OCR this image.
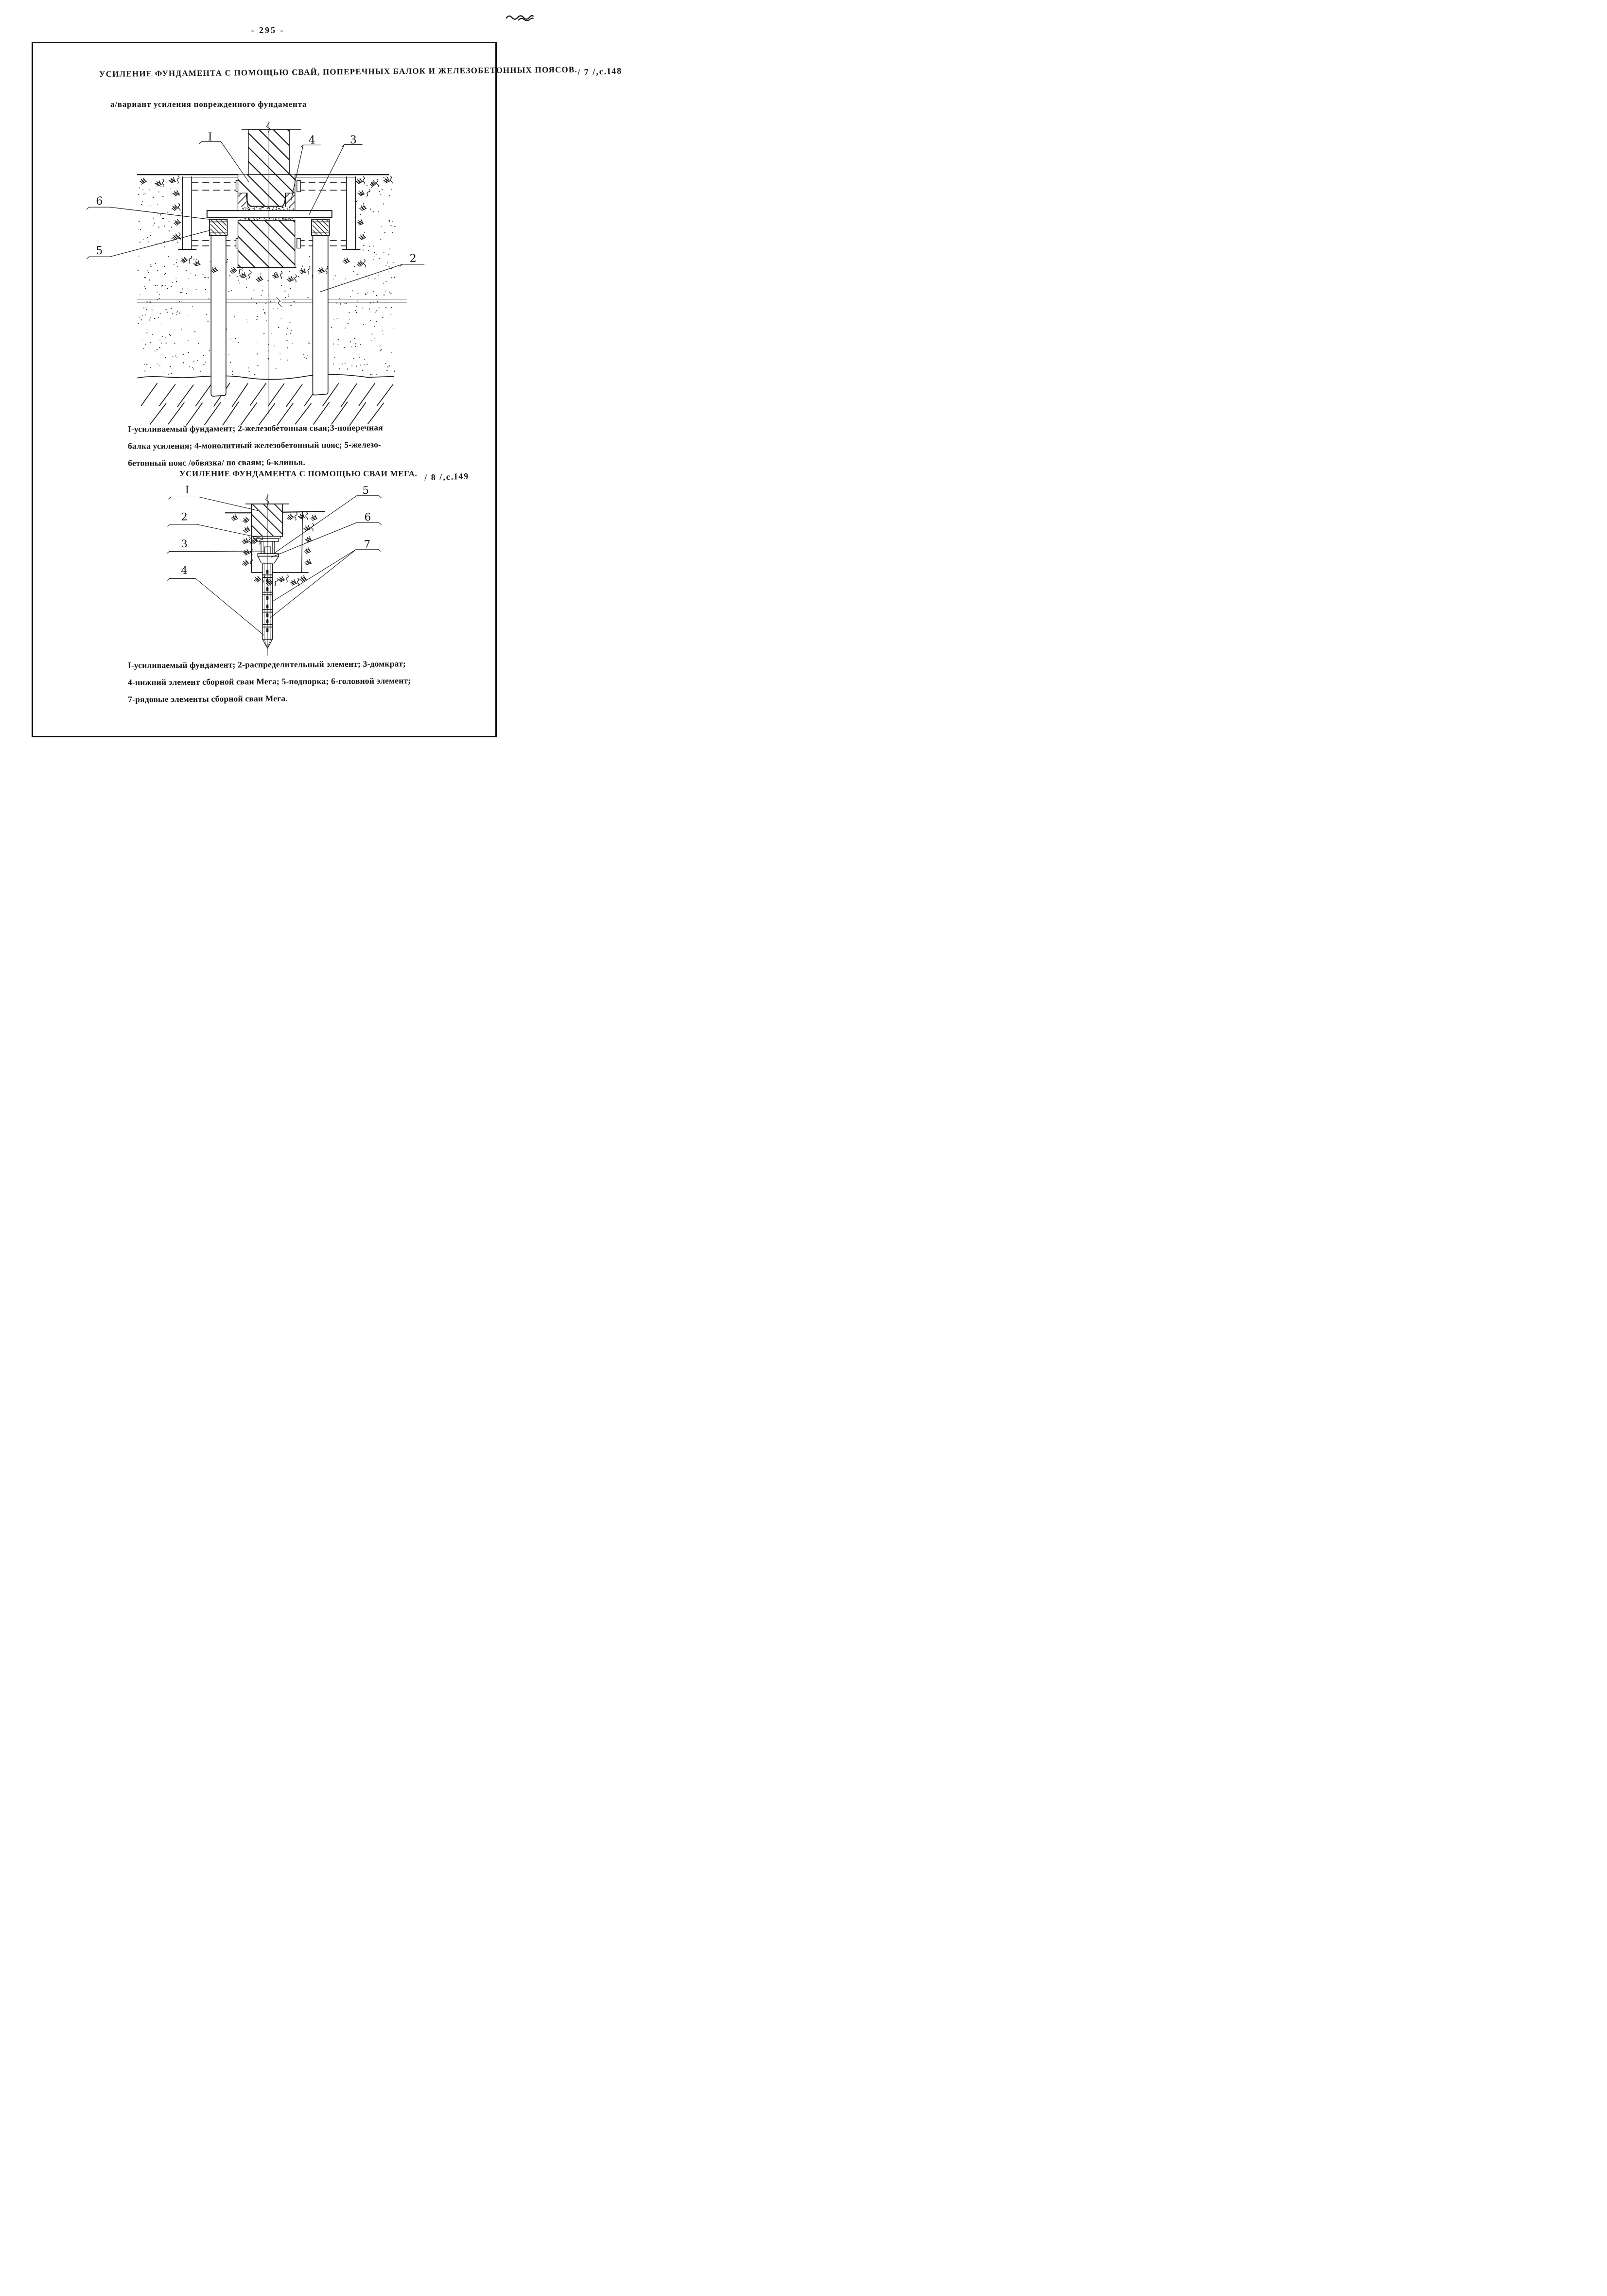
- 295 -
УСИЛЕНИЕ ФУНДАМЕНТА С ПОМОЩЬЮ СВАЙ, ПОПЕРЕЧНЫХ БАЛОК И ЖЕЛЕЗОБЕТОННЫХ ПОЯСОВ. / 7 /,с.I48
а/вариант усиления поврежденного фундамента
I	4 3
6
5
2
I-усиливаемый фундамент; 2-железобетонная свая;3-поперечная
балка усиления; 4-монолитный железобетонный пояс; 5-железо-
бетонный пояс /обвязка/ по сваям; 6-клинья.
УСИЛЕНИЕ ФУНДАМЕНТА С ПОМОЩЬЮ СВАИ МЕГА. / 8 /,с.I49
I
2
3
4
5
6
7
I-усиливаемый фундамент; 2-распределительный элемент; 3-домкрат;
4-нижний элемент сборной сваи Мега; 5-подпорка; 6-головной элемент;
7-рядовые элементы сборной сваи Мега.
